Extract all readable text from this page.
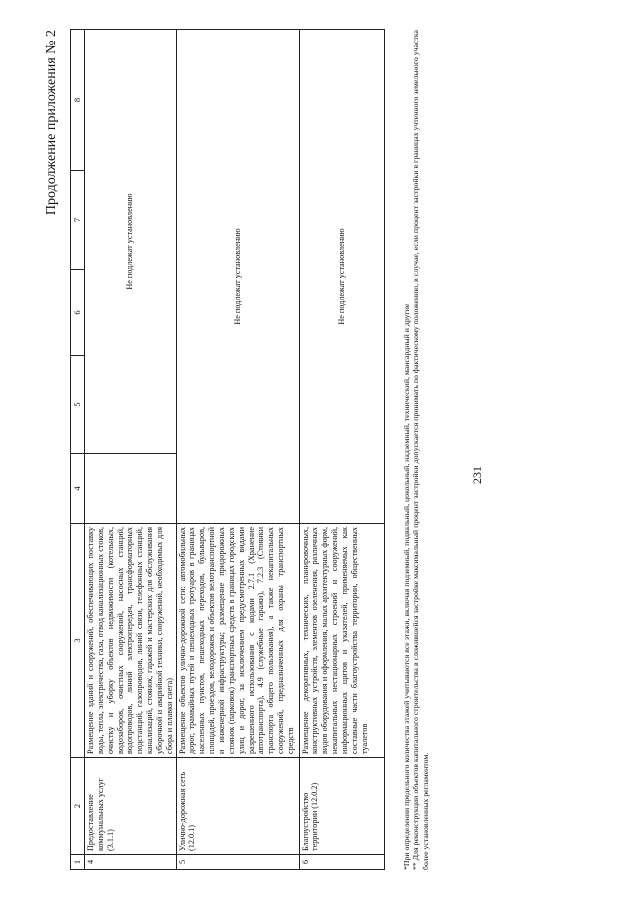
231
Продолжение приложения № 2
1	2	3	4	5	6	7	8
4	Предоставление коммунальных услуг (3.1.1)	Размещение зданий и сооружений, обеспечивающих поставку воды, тепла, электричества, газа, отвод канализационных стоков, очистку и уборку объектов недвижимости (котельных, водозаборов, очистных сооружений, насосных станций, водопроводов, линий электропередач, трансформаторных подстанций, газопроводов, линий связи, телефонных станций, канализаций, стоянок, гаражей и мастерских для обслуживания уборочной и аварийной техники, сооружений, необходимых для сбора и плавки снега)		Не подлежат установлению			
5	Улично-дорожная сеть (12.0.1)	Размещение объектов улично-дорожной сети: автомобильных дорог, трамвайных путей и пешеходных тротуаров в границах населенных пунктов, пешеходных переходов, бульваров, площадей, проездов, велодорожек и объектов велотранспортной и инженерной инфраструктуры; размещение придорожных стоянок (парковок) транспортных средств в границах городских улиц и дорог, за исключением предусмотренных видами разрешенного использования с кодами 2.7.1 (Хранение автотранспорта), 4.9 (служебные гаражи), 7.2.3 (Стоянки транспорта общего пользования), а также некапитальных сооружений, предназначенных для охраны транспортных средств	Не подлежат установлению				
6	Благоустройство территории (12.0.2)	Размещение декоративных, технических, планировочных, конструктивных устройств, элементов озеленения, различных видов оборудования и оформления, малых архитектурных форм, некапитальных нестационарных строений и сооружений, информационных щитов и указателей, применяемых как составные части благоустройства территории, общественных туалетов	Не подлежат установлению				
*При определении предельного количества этажей учитываются все этажи, включая подземный, подвальный, цокольный, надземный, технический, мансардный и другие ** Для реконструкции объектов капитального строительства в сложившейся застройке максимальный процент застройки допускается принимать по фактическому положению, в случае, если процент застройки в границах учтенного земельного участка более установленных регламентом.
